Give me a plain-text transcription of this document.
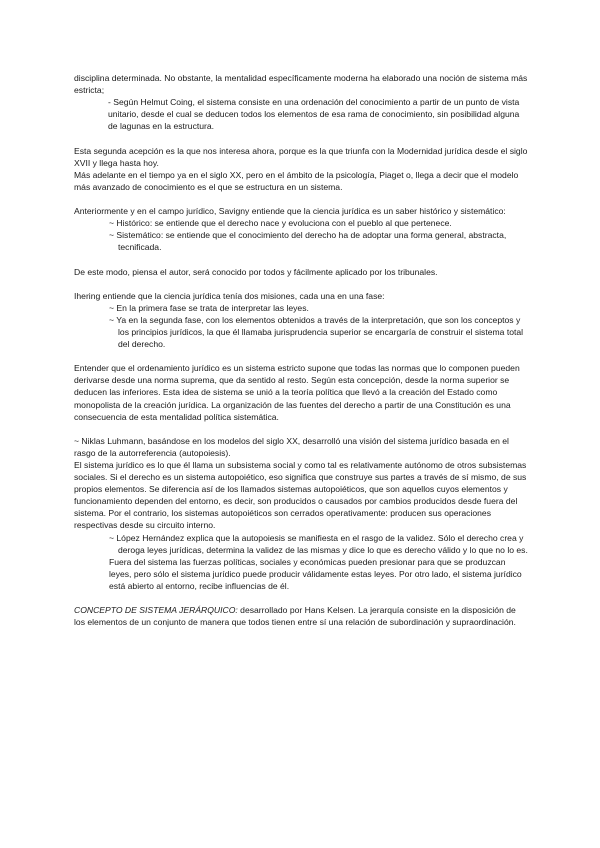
disciplina determinada. No obstante, la mentalidad específicamente moderna ha elaborado una noción de sistema más estricta;

- Según Helmut Coing, el sistema consiste en una ordenación del conocimiento a partir de un punto de vista unitario, desde el cual se deducen todos los elementos de esa rama de conocimiento, sin posibilidad alguna de lagunas en la estructura.

Esta segunda acepción es la que nos interesa ahora, porque es la que triunfa con la Modernidad jurídica desde el siglo XVII y llega hasta hoy.

Más adelante en el tiempo ya en el siglo XX, pero en el ámbito de la psicología, Piaget o, llega a decir que el modelo más avanzado de conocimiento es el que se estructura en un sistema.

Anteriormente y en el campo jurídico, Savigny entiende que la ciencia jurídica es un saber histórico y sistemático:

~ Histórico: se entiende que el derecho nace y evoluciona con el pueblo al que pertenece.

~ Sistemático: se entiende que el conocimiento del derecho ha de adoptar una forma general, abstracta, tecnificada.

De este modo, piensa el autor, será conocido por todos y fácilmente aplicado por los tribunales.

Ihering entiende que la ciencia jurídica tenía dos misiones, cada una en una fase:

~ En la primera fase se trata de interpretar las leyes.

~ Ya en la segunda fase, con los elementos obtenidos a través de la interpretación, que son los conceptos y los principios jurídicos, la que él llamaba jurisprudencia superior se encargaría de construir el sistema total del derecho.

Entender que el ordenamiento jurídico es un sistema estricto supone que todas las normas que lo componen pueden derivarse desde una norma suprema, que da sentido al resto. Según esta concepción, desde la norma superior se deducen las inferiores. Esta idea de sistema se unió a la teoría política que llevó a la creación del Estado como monopolista de la creación jurídica. La organización de las fuentes del derecho a partir de una Constitución es una consecuencia de esta mentalidad política sistemática.

~ Niklas Luhmann, basándose en los modelos del siglo XX, desarrolló una visión del sistema jurídico basada en el rasgo de la autorreferencia (autopoiesis).

El sistema jurídico es lo que él llama un subsistema social y como tal es relativamente autónomo de otros subsistemas sociales. Si el derecho es un sistema autopoiético, eso significa que construye sus partes a través de sí mismo, de sus propios elementos. Se diferencia así de los llamados sistemas autopoiéticos, que son aquellos cuyos elementos y funcionamiento dependen del entorno, es decir, son producidos o causados por cambios producidos desde fuera del sistema. Por el contrario, los sistemas autopoiéticos son cerrados operativamente: producen sus operaciones respectivas desde su circuito interno.

~ López Hernández explica que la autopoiesis se manifiesta en el rasgo de la validez. Sólo el derecho crea y deroga leyes jurídicas, determina la validez de las mismas y dice lo que es derecho válido y lo que no lo es.

Fuera del sistema las fuerzas políticas, sociales y económicas pueden presionar para que se produzcan leyes, pero sólo el sistema jurídico puede producir válidamente estas leyes. Por otro lado, el sistema jurídico está abierto al entorno, recibe influencias de él.

CONCEPTO DE SISTEMA JERÁRQUICO: desarrollado por Hans Kelsen. La jerarquía consiste en la disposición de los elementos de un conjunto de manera que todos tienen entre sí una relación de subordinación y supraordinación.
